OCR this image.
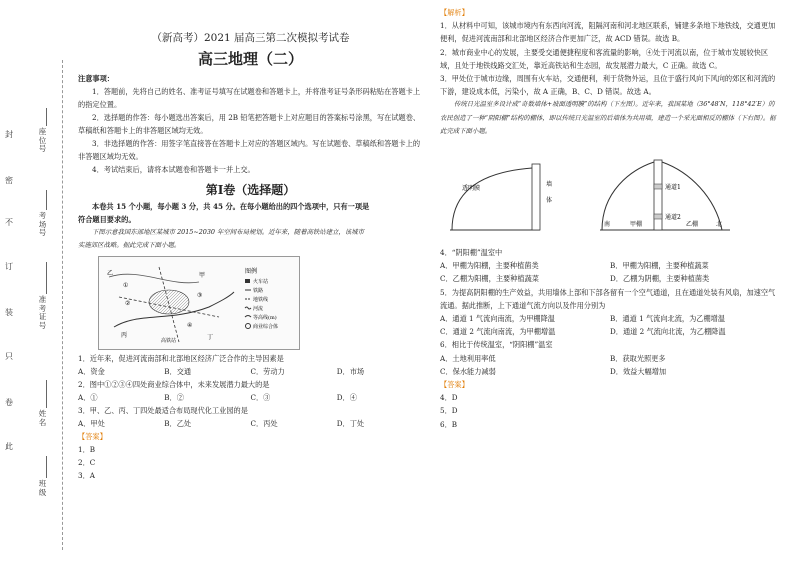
封
密
不
订
装
只
卷
此
座位号
考场号
准考证号
姓名
班级
（新高考）2021 届高三第二次模拟考试卷
高三地理（二）

注意事项：

1．答题前，先将自己的姓名、准考证号填写在试题卷和答题卡上，并将准考证号条形码粘贴在答题卡上的指定位置。

2．选择题的作答：每小题选出答案后，用 2B 铅笔把答题卡上对应题目的答案标号涂黑，写在试题卷、草稿纸和答题卡上的非答题区域均无效。

3．非选择题的作答：用签字笔直接答在答题卡上对应的答题区域内。写在试题卷、草稿纸和答题卡上的非答题区域均无效。

4．考试结束后，请将本试题卷和答题卡一并上交。

第Ⅰ卷（选择题）

本卷共 15 个小题，每小题 3 分，共 45 分。在每小题给出的四个选项中，只有一项是

符合题目要求的。

下图示意我国东部地区某城市 2015~2030 年空间布局规划。近年来，随着高铁站建立，该城市

实施郊区战略。据此完成下面小题。

①
②
③
④
甲
乙
丙	丁
高铁站
图例
火车站
铁路
地铁线
河流
等高线(m)
商业综合体

1．近年来，促进河流南部和北部地区经济广泛合作的主导因素是

A．资金	B．交通	C．劳动力	D．市场

2．图中①②③④四处商业综合体中，未来发展潜力最大的是

A．①	B．②	C．③	D．④

3．甲、乙、丙、丁四处最适合布局现代化工业园的是

A．甲处	B．乙处	C．丙处	D．丁处

【答案】

1．B

2．C

3．A

【解析】

1．从材料中可知，该城市境内有东西向河流，阻隔河南和河北地区联系，铺建多条地下地铁线，交通更加便利，促进河流南部和北部地区经济合作更加广泛，故 ACD 错误。故选 B。

2．城市商业中心的发展，主要受交通便捷程度和客流量的影响，④处于河流以南，位于城市发展较快区域，且处于地铁线路交汇处，靠近高铁站和生态园，故发展潜力最大，C 正确。故选 C。

3．甲处位于城市边缘，周围有火车站，交通便利，利于货物外运，且位于盛行风向下风向的郊区和河流的下游，建设成本低，污染小，故 A 正确，B、C、D 错误。故选 A。

传统日光温室多设计成“奇数墙体+坡面透明膜”的结构（下左图）。近年来，我国某地（36°48′N，118°42′E）的农民创造了一种“阴阳棚”结构的棚体，即以传统日光温室的后墙体为共用墙，建造一个采光面相反的棚体（下右图）。据此完成下面小题。

透明膜
墙
体
通道1
通道2
甲棚	乙棚
南	北

4．“阴阳棚”温室中

A．甲棚为阳棚，主要种植菌类	B．甲棚为阳棚，主要种植蔬菜
C．乙棚为阳棚，主要种植蔬菜	D．乙棚为阴棚，主要种植菌类

5．为提高阴阳棚的生产效益，共用墙体上部和下部各留有一个空气通道，且在通道处装有风扇，加速空气流通。据此推断，上下通道气流方向以及作用分别为

A．通道 1 气流向南流，为甲棚降温	B．通道 1 气流向北流，为乙棚增温
C．通道 2 气流向南流，为甲棚增温	D．通道 2 气流向北流，为乙棚降温

6．相比于传统温室，“阴阳棚”温室

A．土地利用率低	B．获取光照更多
C．保水能力减弱	D．效益大幅增加

【答案】

4．D

5．D

6．B
